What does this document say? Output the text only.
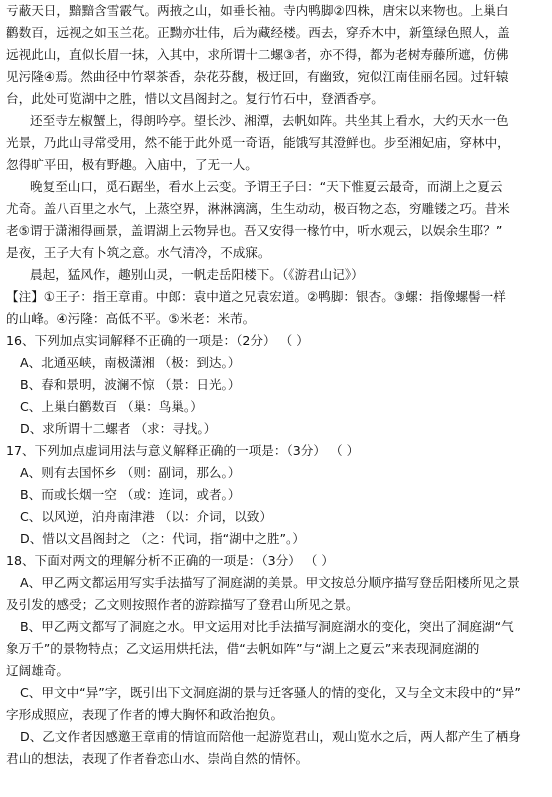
亏蔽天日，黯黯含雪霰气。两掖之山，如垂长袖。寺内鸭脚②四株，唐宋以来物也。上巢白
鹳数百，远视之如玉兰花。正黝亦壮伟，后为藏经楼。西去，穿乔木中，新篁绿色照人，盖
远视此山，直似长眉一抹，入其中，求所谓十二螺③者，亦不得，都为老树寿藤所遮，仿佛
见污隆④焉。然曲径中竹翠茶香，杂花芬馥，极迂回，有幽致，宛似江南佳丽名园。过轩辕
台，此处可览湖中之胜，惜以文昌阁封之。复行竹石中，登酒香亭。
还至寺左椒蟹上，得朗吟亭。望长沙、湘潭，去帆如阵。共坐其上看水，大约天水一色
光景，乃此山寻常受用，然不能于此外觅一奇语，能饿写其澄鲜也。步至湘妃庙，穿林中，
忽得旷平田，极有野趣。入庙中，了无一人。
晚复至山口，觅石踞坐，看水上云变。予谓王子曰：“天下惟夏云最奇，而湖上之夏云
尤奇。盖八百里之水气，上蒸空界，淋淋漓漓，生生动动，极百物之态，穷雕镂之巧。昔米
老⑤谓于潇湘得画景，盖谓湖上云物异也。吾又安得一椽竹中，听水观云，以娱余生耶？”
是夜，王子大有卜筑之意。水气清冷，不成寐。
晨起，猛风作，趣别山灵，一帆走岳阳楼下。（《游君山记》）
【注】①王子：指王章甫。中郎：袁中道之兄袁宏道。②鸭脚：银杏。③螺：指像螺髻一样
的山峰。④污隆：高低不平。⑤米老：米芾。
16、下列加点实词解释不正确的一项是：（2分） （ ）
A、北通巫峡，南极潇湘 （极：到达。）
B、春和景明，波澜不惊 （景：日光。）
C、上巢白鹳数百 （巢：鸟巢。）
D、求所谓十二螺者 （求：寻找。）
17、下列加点虚词用法与意义解释正确的一项是：（3分） （ ）
A、则有去国怀乡 （则：副词，那么。）
B、而或长烟一空 （或：连词，或者。）
C、以风逆，泊舟南津港 （以：介词，以致）
D、惜以文昌阁封之 （之：代词，指“湖中之胜”。）
18、下面对两文的理解分析不正确的一项是：（3分） （ ）
A、甲乙两文都运用写实手法描写了洞庭湖的美景。甲文按总分顺序描写登岳阳楼所见之景
及引发的感受；乙文则按照作者的游踪描写了登君山所见之景。
B、甲乙两文都写了洞庭之水。甲文运用对比手法描写洞庭湖水的变化，突出了洞庭湖“气
象万千”的景物特点；乙文运用烘托法，借“去帆如阵”与“湖上之夏云”来表现洞庭湖的
辽阔雄奇。
C、甲文中“异”字，既引出下文洞庭湖的景与迁客骚人的情的变化，又与全文末段中的“异”
字形成照应，表现了作者的博大胸怀和政治抱负。
D、乙文作者因感邀王章甫的情谊而陪他一起游览君山，观山览水之后，两人都产生了栖身
君山的想法，表现了作者眷恋山水、崇尚自然的情怀。
